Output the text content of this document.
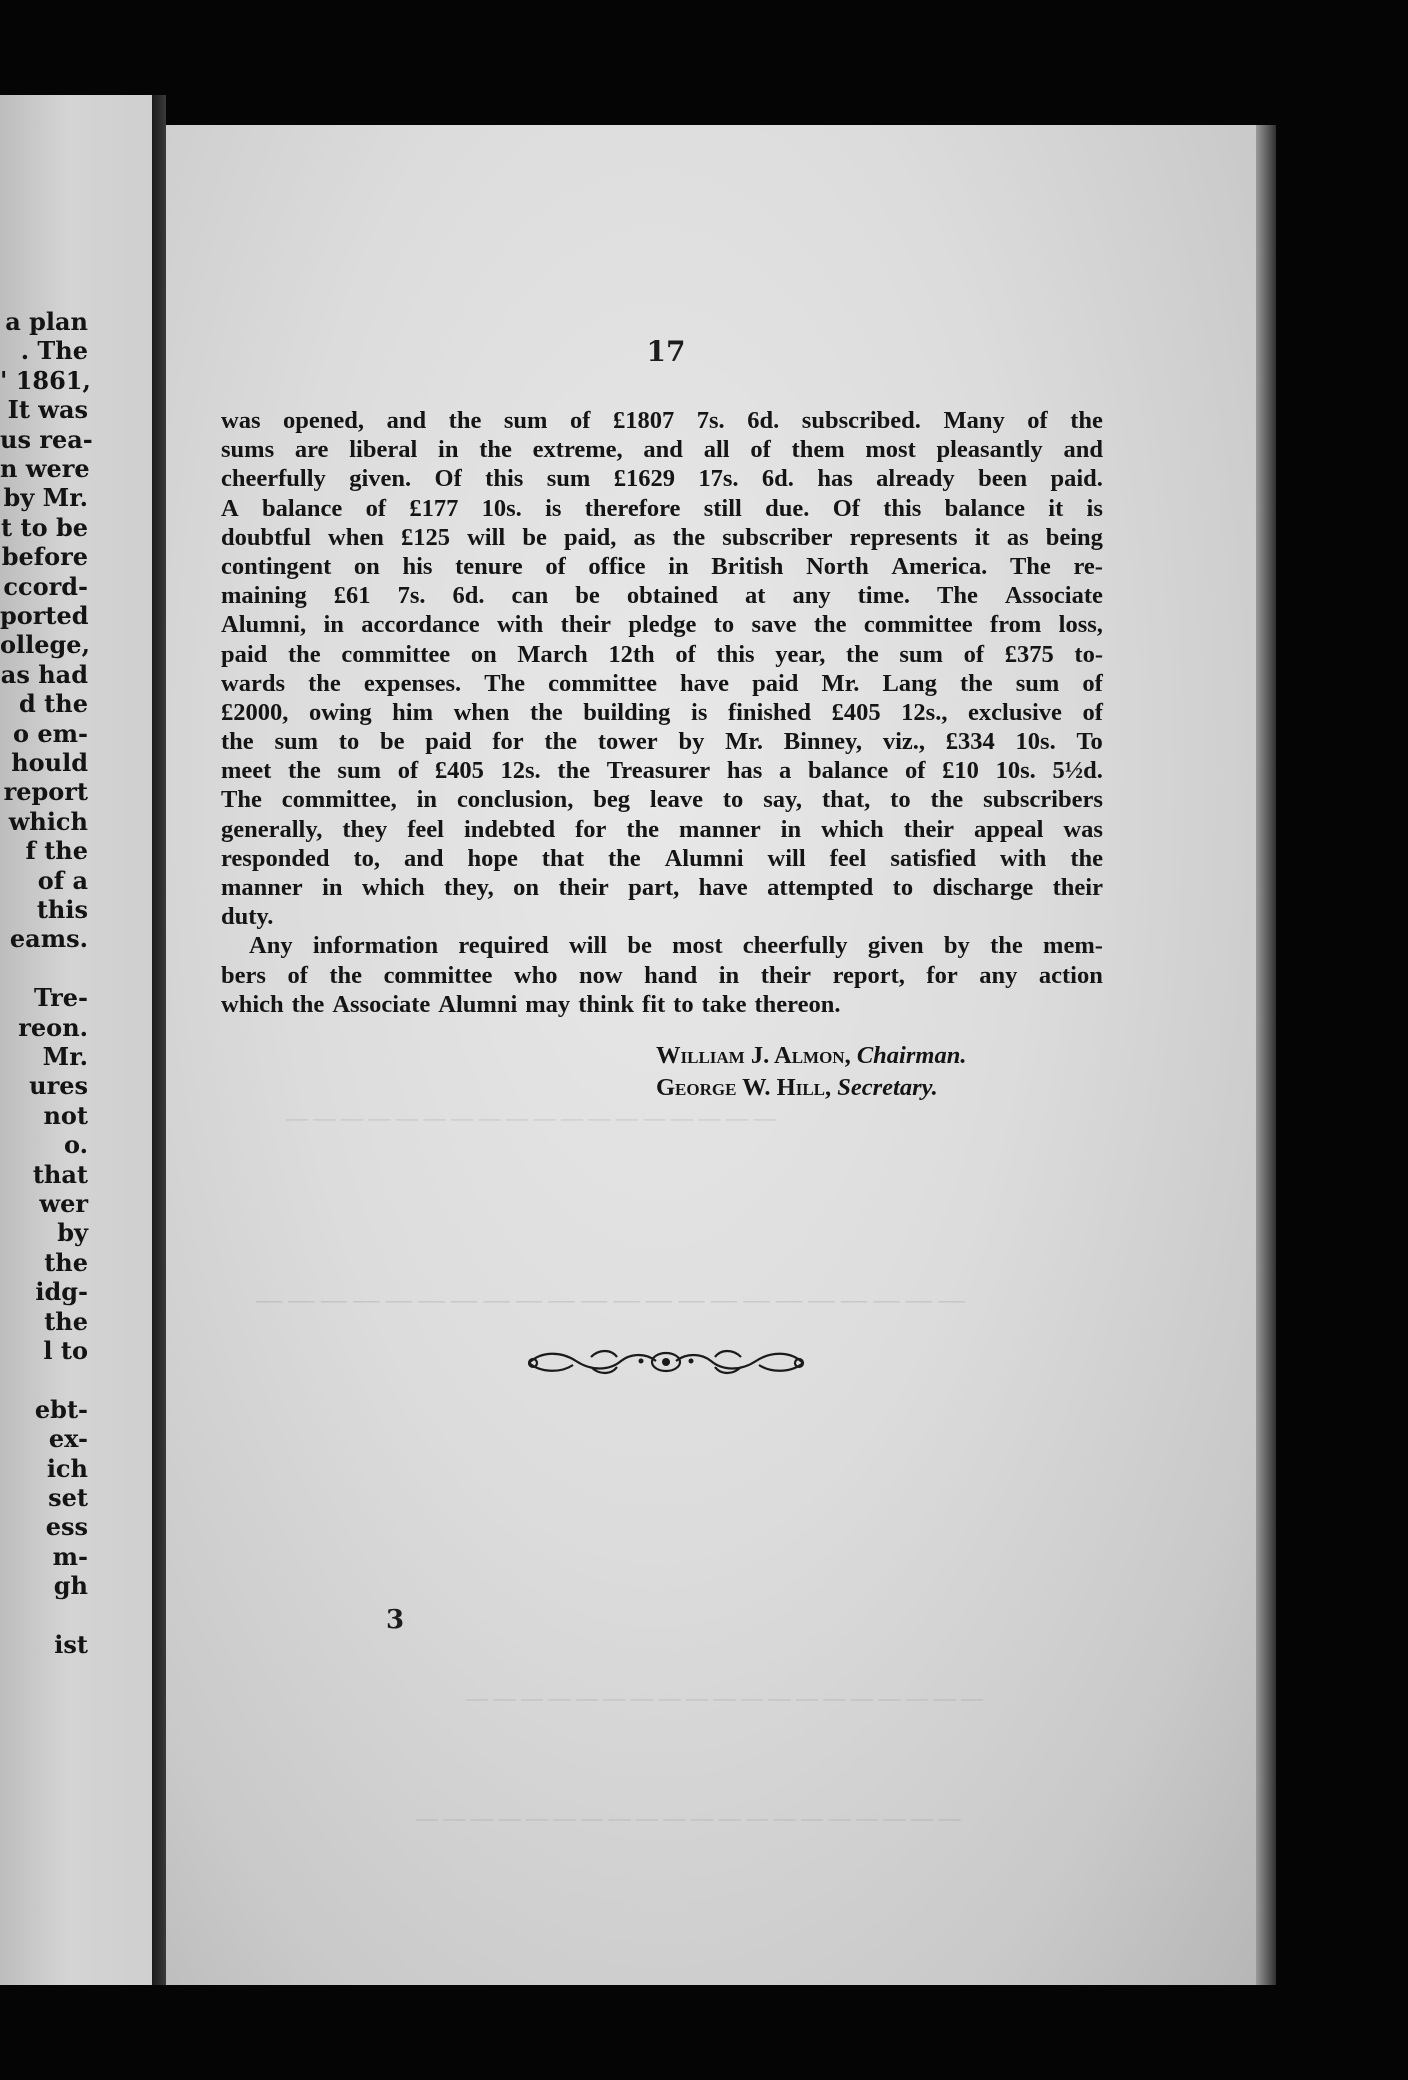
a plan
. The
' 1861,
It was
us rea-
n were
by Mr.
t to be
before
ccord-
ported
ollege,
as had
d the
o em-
hould
report
which
f the
of a
this
eams.
Tre-
reon.
Mr.
ures
not
o.
that
wer
by
the
idg-
the
l to
ebt-
ex-
ich
set
ess
m-
gh
ist
— — — — — — — — — — — — — — — — — —
— — — — — — — — — — — — — — — — — — — — — —
— — — — — — — — — — — — — — — — — — —
— — — — — — — — — — — — — — — — — — — —
17
was opened, and the sum of £1807 7s. 6d. subscribed. Many of the
sums are liberal in the extreme, and all of them most pleasantly and
cheerfully given. Of this sum £1629 17s. 6d. has already been paid.
A balance of £177 10s. is therefore still due. Of this balance it is
doubtful when £125 will be paid, as the subscriber represents it as being
contingent on his tenure of office in British North America. The re-
maining £61 7s. 6d. can be obtained at any time. The Associate
Alumni, in accordance with their pledge to save the committee from loss,
paid the committee on March 12th of this year, the sum of £375 to-
wards the expenses. The committee have paid Mr. Lang the sum of
£2000, owing him when the building is finished £405 12s., exclusive of
the sum to be paid for the tower by Mr. Binney, viz., £334 10s. To
meet the sum of £405 12s. the Treasurer has a balance of £10 10s. 5½d.
The committee, in conclusion, beg leave to say, that, to the subscribers
generally, they feel indebted for the manner in which their appeal was
responded to, and hope that the Alumni will feel satisfied with the
manner in which they, on their part, have attempted to discharge their
duty.
Any information required will be most cheerfully given by the mem-
bers of the committee who now hand in their report, for any action
which the Associate Alumni may think fit to take thereon.
William J. Almon, Chairman.
George W. Hill, Secretary.
3
